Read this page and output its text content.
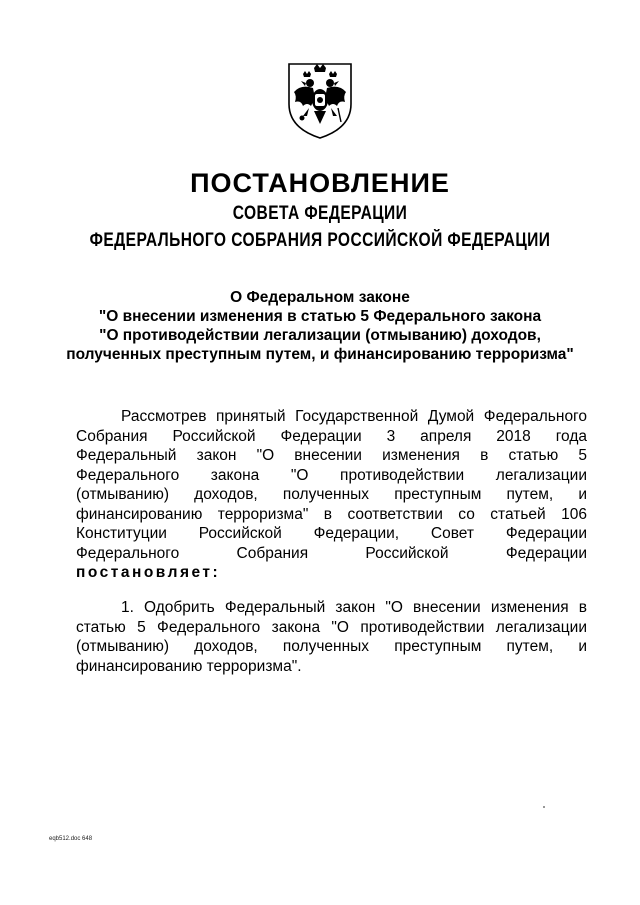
ПОСТАНОВЛЕНИЕ
СОВЕТА ФЕДЕРАЦИИ
ФЕДЕРАЛЬНОГО СОБРАНИЯ РОССИЙСКОЙ ФЕДЕРАЦИИ
О Федеральном законе
"О внесении изменения в статью 5 Федерального закона
"О противодействии легализации (отмыванию) доходов,
полученных преступным путем, и финансированию терроризма"
Рассмотрев принятый Государственной Думой Федерального
Собрания Российской Федерации 3 апреля 2018 года
Федеральный закон "О внесении изменения в статью 5
Федерального закона "О противодействии легализации
(отмыванию) доходов, полученных преступным путем, и
финансированию терроризма" в соответствии со статьей 106
Конституции Российской Федерации, Совет Федерации
Федерального Собрания Российской Федерации
постановляет:
1. Одобрить Федеральный закон "О внесении изменения в
статью 5 Федерального закона "О противодействии легализации
(отмыванию) доходов, полученных преступным путем, и
финансированию терроризма".
eqb512.doc 648
